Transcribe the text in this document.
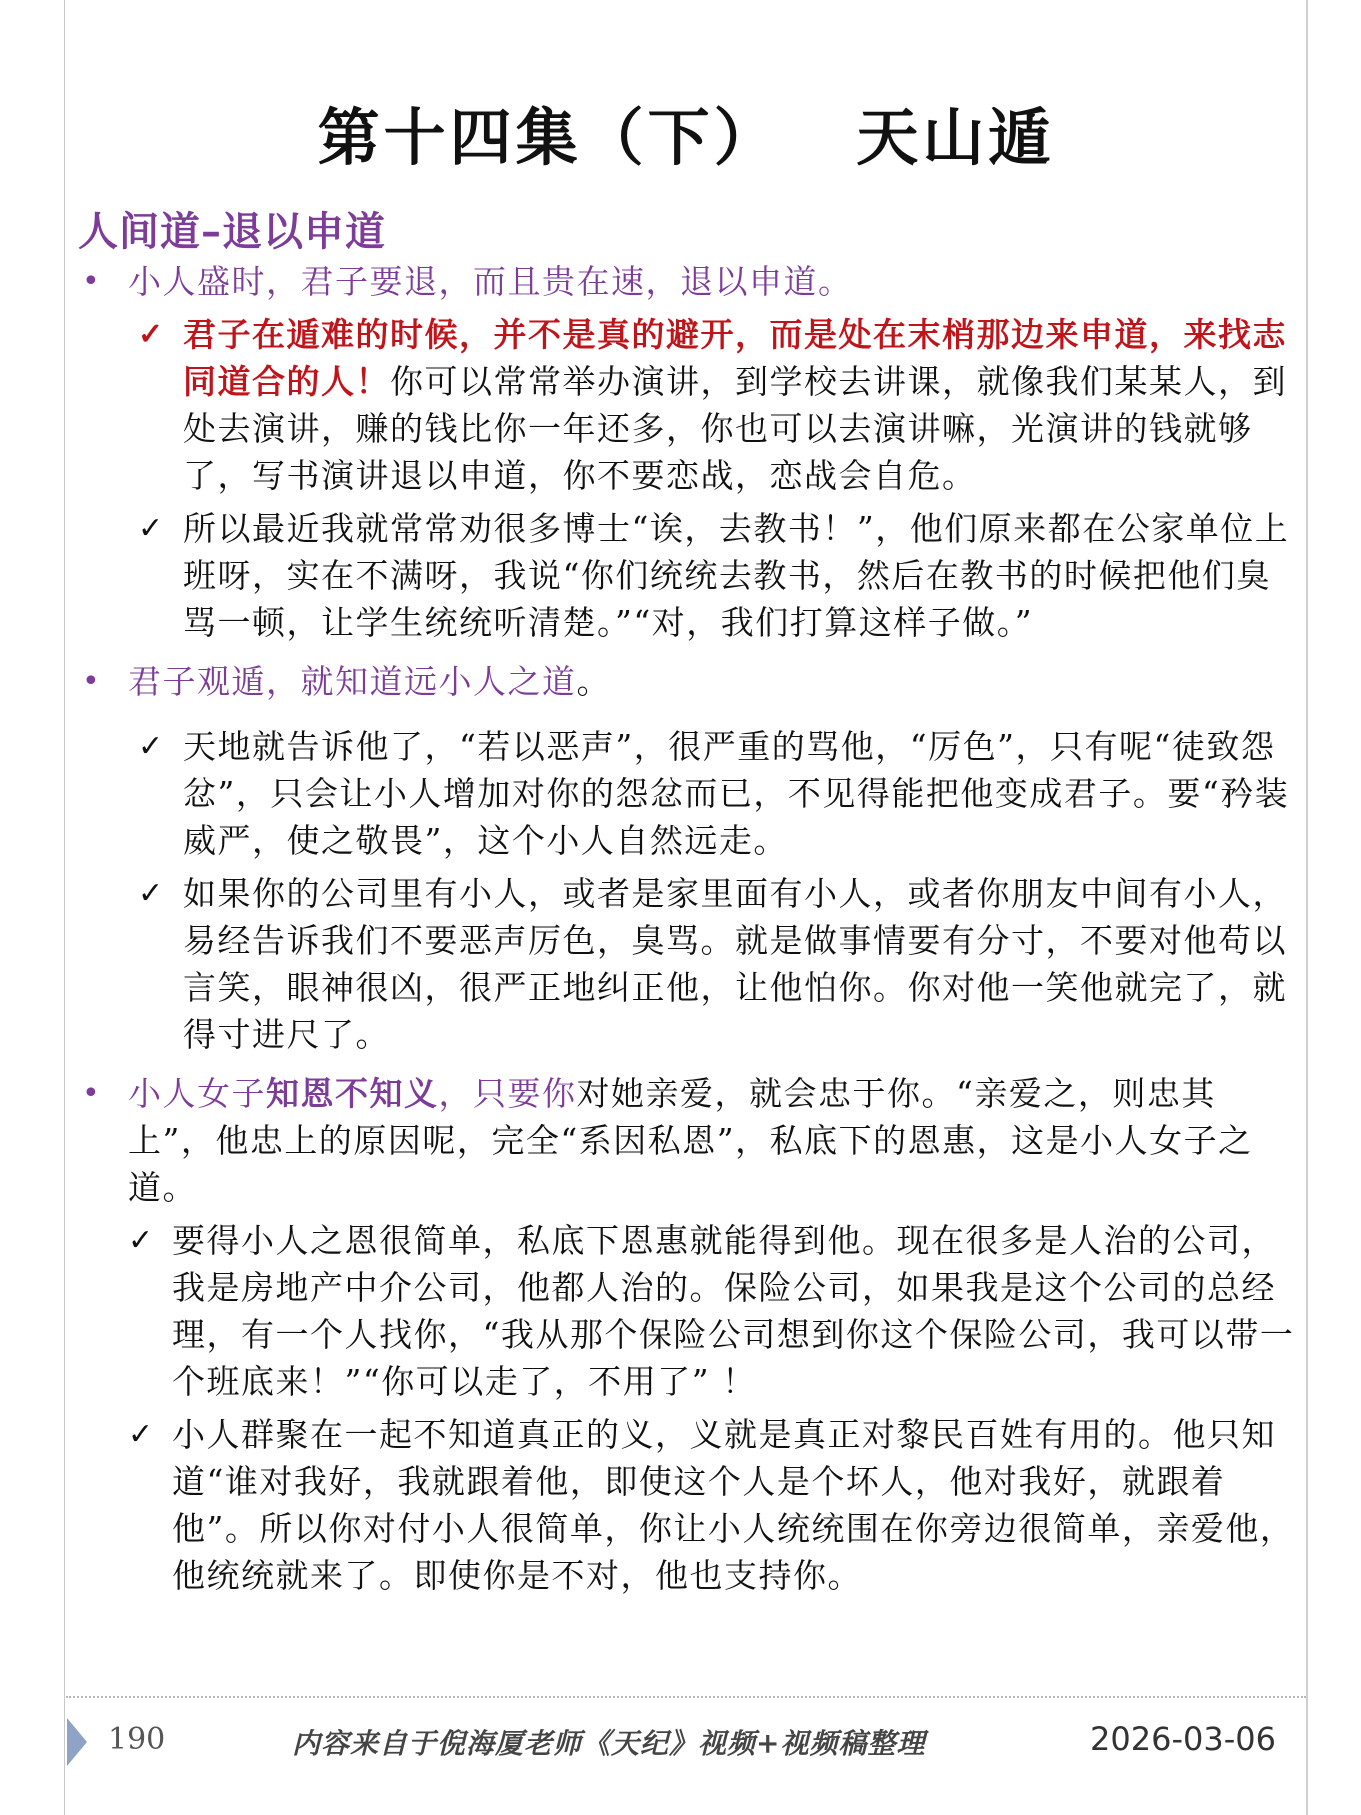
第十四集（下）   天山遁
人间道–退以申道
• 小人盛时，君子要退，而且贵在速，退以申道。
✓ 君子在遁难的时候，并不是真的避开，而是处在末梢那边来申道，来找志同道合的人！你可以常常举办演讲，到学校去讲课，就像我们某某人，到处去演讲，赚的钱比你一年还多，你也可以去演讲嘛，光演讲的钱就够了，写书演讲退以申道，你不要恋战，恋战会自危。
✓ 所以最近我就常常劝很多博士“诶，去教书！”，他们原来都在公家单位上班呀，实在不满呀，我说“你们统统去教书，然后在教书的时候把他们臭骂一顿，让学生统统听清楚。”“对，我们打算这样子做。”
• 君子观遁，就知道远小人之道。
✓ 天地就告诉他了，“若以恶声”，很严重的骂他，“厉色”，只有呢“徒致怨忿”，只会让小人增加对你的怨忿而已，不见得能把他变成君子。要“矜装威严，使之敬畏”，这个小人自然远走。
✓ 如果你的公司里有小人，或者是家里面有小人，或者你朋友中间有小人，易经告诉我们不要恶声厉色，臭骂。就是做事情要有分寸，不要对他苟以言笑，眼神很凶，很严正地纠正他，让他怕你。你对他一笑他就完了，就得寸进尺了。
• 小人女子知恩不知义，只要你对她亲爱，就会忠于你。“亲爱之，则忠其上”，他忠上的原因呢，完全“系因私恩”，私底下的恩惠，这是小人女子之道。
✓ 要得小人之恩很简单，私底下恩惠就能得到他。现在很多是人治的公司，我是房地产中介公司，他都人治的。保险公司，如果我是这个公司的总经理，有一个人找你，“我从那个保险公司想到你这个保险公司，我可以带一个班底来！”“你可以走了，不用了” ！
✓ 小人群聚在一起不知道真正的义，义就是真正对黎民百姓有用的。他只知道“谁对我好，我就跟着他，即使这个人是个坏人，他对我好，就跟着他”。所以你对付小人很简单，你让小人统统围在你旁边很简单，亲爱他，他统统就来了。即使你是不对，他也支持你。
190	内容来自于倪海厦老师《天纪》视频+视频稿整理	2026-03-06
